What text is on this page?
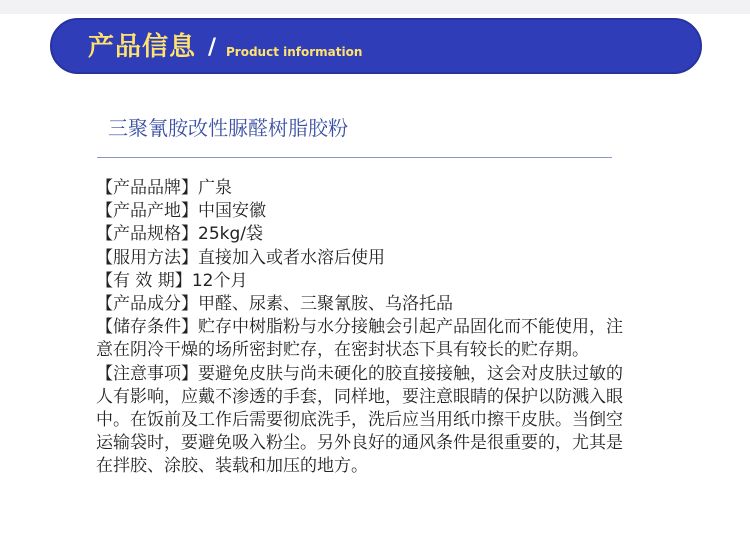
产品信息 / Product information
三聚氰胺改性脲醛树脂胶粉

【产品品牌】广泉

【产品产地】中国安徽

【产品规格】25kg/袋

【服用方法】直接加入或者水溶后使用

【有 效 期】12个月

【产品成分】甲醛、尿素、三聚氰胺、乌洛托品

【储存条件】贮存中树脂粉与水分接触会引起产品固化而不能使用，注意在阴冷干燥的场所密封贮存，在密封状态下具有较长的贮存期。

【注意事项】要避免皮肤与尚未硬化的胶直接接触，这会对皮肤过敏的人有影响，应戴不渗透的手套，同样地，要注意眼睛的保护以防溅入眼中。在饭前及工作后需要彻底洗手，洗后应当用纸巾擦干皮肤。当倒空运输袋时，要避免吸入粉尘。另外良好的通风条件是很重要的，尤其是在拌胶、涂胶、装载和加压的地方。
